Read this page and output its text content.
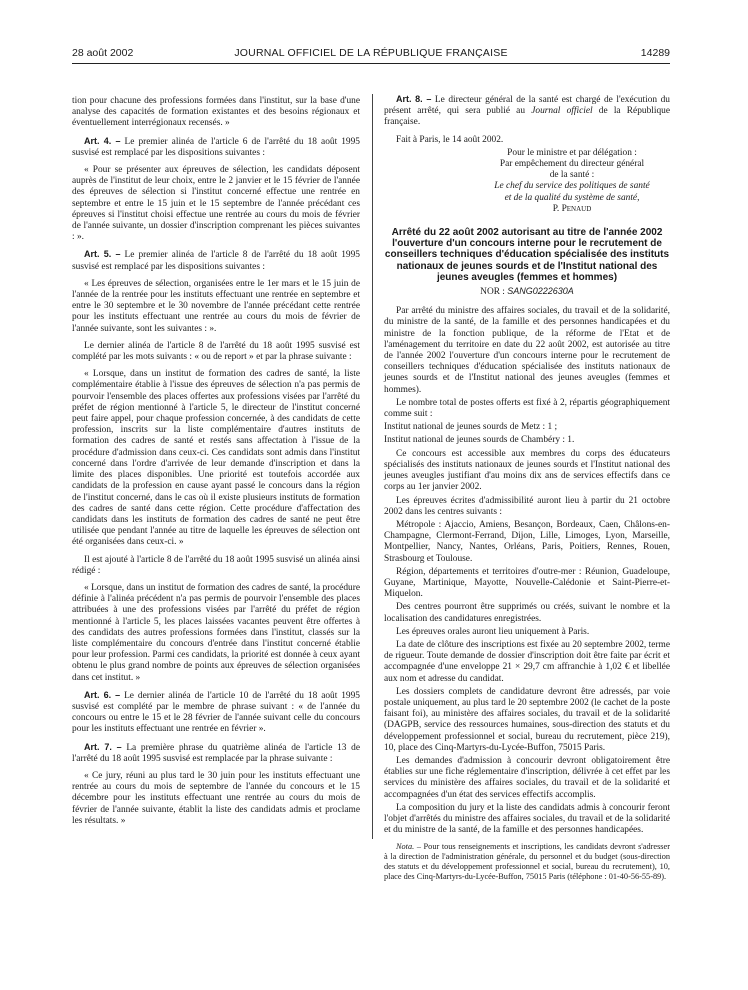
28 août 2002	JOURNAL OFFICIEL DE LA RÉPUBLIQUE FRANÇAISE	14289

tion pour chacune des professions formées dans l'institut, sur la base d'une analyse des capacités de formation existantes et des besoins régionaux et éventuellement interrégionaux recensés. »

Art. 4. – Le premier alinéa de l'article 6 de l'arrêté du 18 août 1995 susvisé est remplacé par les dispositions suivantes :

« Pour se présenter aux épreuves de sélection, les candidats déposent auprès de l'institut de leur choix, entre le 2 janvier et le 15 février de l'année des épreuves de sélection si l'institut concerné effectue une rentrée en septembre et entre le 15 juin et le 15 septembre de l'année précédant ces épreuves si l'institut choisi effectue une rentrée au cours du mois de février de l'année suivante, un dossier d'inscription comprenant les pièces suivantes : ».

Art. 5. – Le premier alinéa de l'article 8 de l'arrêté du 18 août 1995 susvisé est remplacé par les dispositions suivantes :

« Les épreuves de sélection, organisées entre le 1er mars et le 15 juin de l'année de la rentrée pour les instituts effectuant une rentrée en septembre et entre le 30 septembre et le 30 novembre de l'année précédant cette rentrée pour les instituts effectuant une rentrée au cours du mois de février de l'année suivante, sont les suivantes : ».

Le dernier alinéa de l'article 8 de l'arrêté du 18 août 1995 susvisé est complété par les mots suivants : « ou de report » et par la phrase suivante :

« Lorsque, dans un institut de formation des cadres de santé, la liste complémentaire établie à l'issue des épreuves de sélection n'a pas permis de pourvoir l'ensemble des places offertes aux professions visées par l'arrêté du préfet de région mentionné à l'article 5, le directeur de l'institut concerné peut faire appel, pour chaque profession concernée, à des candidats de cette profession, inscrits sur la liste complémentaire d'autres instituts de formation des cadres de santé et restés sans affectation à l'issue de la procédure d'admission dans ceux-ci. Ces candidats sont admis dans l'institut concerné dans l'ordre d'arrivée de leur demande d'inscription et dans la limite des places disponibles. Une priorité est toutefois accordée aux candidats de la profession en cause ayant passé le concours dans la région de l'institut concerné, dans le cas où il existe plusieurs instituts de formation des cadres de santé dans cette région. Cette procédure d'affectation des candidats dans les instituts de formation des cadres de santé ne peut être utilisée que pendant l'année au titre de laquelle les épreuves de sélection ont été organisées dans ceux-ci. »

Il est ajouté à l'article 8 de l'arrêté du 18 août 1995 susvisé un alinéa ainsi rédigé :

« Lorsque, dans un institut de formation des cadres de santé, la procédure définie à l'alinéa précédent n'a pas permis de pourvoir l'ensemble des places attribuées à une des professions visées par l'arrêté du préfet de région mentionné à l'article 5, les places laissées vacantes peuvent être offertes à des candidats des autres professions formées dans l'institut, classés sur la liste complémentaire du concours d'entrée dans l'institut concerné établie pour leur profession. Parmi ces candidats, la priorité est donnée à ceux ayant obtenu le plus grand nombre de points aux épreuves de sélection organisées dans cet institut. »

Art. 6. – Le dernier alinéa de l'article 10 de l'arrêté du 18 août 1995 susvisé est complété par le membre de phrase suivant : « de l'année du concours ou entre le 15 et le 28 février de l'année suivant celle du concours pour les instituts effectuant une rentrée en février ».

Art. 7. – La première phrase du quatrième alinéa de l'article 13 de l'arrêté du 18 août 1995 susvisé est remplacée par la phrase suivante :

« Ce jury, réuni au plus tard le 30 juin pour les instituts effectuant une rentrée au cours du mois de septembre de l'année du concours et le 15 décembre pour les instituts effectuant une rentrée au cours du mois de février de l'année suivante, établit la liste des candidats admis et proclame les résultats. »

Art. 8. – Le directeur général de la santé est chargé de l'exécution du présent arrêté, qui sera publié au Journal officiel de la République française.

Fait à Paris, le 14 août 2002.

Pour le ministre et par délégation :

Par empêchement du directeur général

de la santé :

Le chef du service des politiques de santé

et de la qualité du système de santé,

P. Penaud

Arrêté du 22 août 2002 autorisant au titre de l'année 2002 l'ouverture d'un concours interne pour le recrutement de conseillers techniques d'éducation spécialisée des instituts nationaux de jeunes sourds et de l'Institut national des jeunes aveugles (femmes et hommes)
NOR : SANG0222630A

Par arrêté du ministre des affaires sociales, du travail et de la solidarité, du ministre de la santé, de la famille et des personnes handicapées et du ministre de la fonction publique, de la réforme de l'Etat et de l'aménagement du territoire en date du 22 août 2002, est autorisée au titre de l'année 2002 l'ouverture d'un concours interne pour le recrutement de conseillers techniques d'éducation spécialisée des instituts nationaux de jeunes sourds et de l'Institut national des jeunes aveugles (femmes et hommes).

Le nombre total de postes offerts est fixé à 2, répartis géographiquement comme suit :

Institut national de jeunes sourds de Metz : 1 ;

Institut national de jeunes sourds de Chambéry : 1.

Ce concours est accessible aux membres du corps des éducateurs spécialisés des instituts nationaux de jeunes sourds et l'Institut national des jeunes aveugles justifiant d'au moins dix ans de services effectifs dans ce corps au 1er janvier 2002.

Les épreuves écrites d'admissibilité auront lieu à partir du 21 octobre 2002 dans les centres suivants :

Métropole : Ajaccio, Amiens, Besançon, Bordeaux, Caen, Châlons-en-Champagne, Clermont-Ferrand, Dijon, Lille, Limoges, Lyon, Marseille, Montpellier, Nancy, Nantes, Orléans, Paris, Poitiers, Rennes, Rouen, Strasbourg et Toulouse.

Région, départements et territoires d'outre-mer : Réunion, Guadeloupe, Guyane, Martinique, Mayotte, Nouvelle-Calédonie et Saint-Pierre-et-Miquelon.

Des centres pourront être supprimés ou créés, suivant le nombre et la localisation des candidatures enregistrées.

Les épreuves orales auront lieu uniquement à Paris.

La date de clôture des inscriptions est fixée au 20 septembre 2002, terme de rigueur. Toute demande de dossier d'inscription doit être faite par écrit et accompagnée d'une enveloppe 21 × 29,7 cm affranchie à 1,02 € et libellée aux nom et adresse du candidat.

Les dossiers complets de candidature devront être adressés, par voie postale uniquement, au plus tard le 20 septembre 2002 (le cachet de la poste faisant foi), au ministère des affaires sociales, du travail et de la solidarité (DAGPB, service des ressources humaines, sous-direction des statuts et du développement professionnel et social, bureau du recrutement, pièce 219), 10, place des Cinq-Martyrs-du-Lycée-Buffon, 75015 Paris.

Les demandes d'admission à concourir devront obligatoirement être établies sur une fiche réglementaire d'inscription, délivrée à cet effet par les services du ministère des affaires sociales, du travail et de la solidarité et accompagnées d'un état des services effectifs accomplis.

La composition du jury et la liste des candidats admis à concourir feront l'objet d'arrêtés du ministre des affaires sociales, du travail et de la solidarité et du ministre de la santé, de la famille et des personnes handicapées.

Nota. – Pour tous renseignements et inscriptions, les candidats devront s'adresser à la direction de l'administration générale, du personnel et du budget (sous-direction des statuts et du développement professionnel et social, bureau du recrutement), 10, place des Cinq-Martyrs-du-Lycée-Buffon, 75015 Paris (téléphone : 01-40-56-55-89).
